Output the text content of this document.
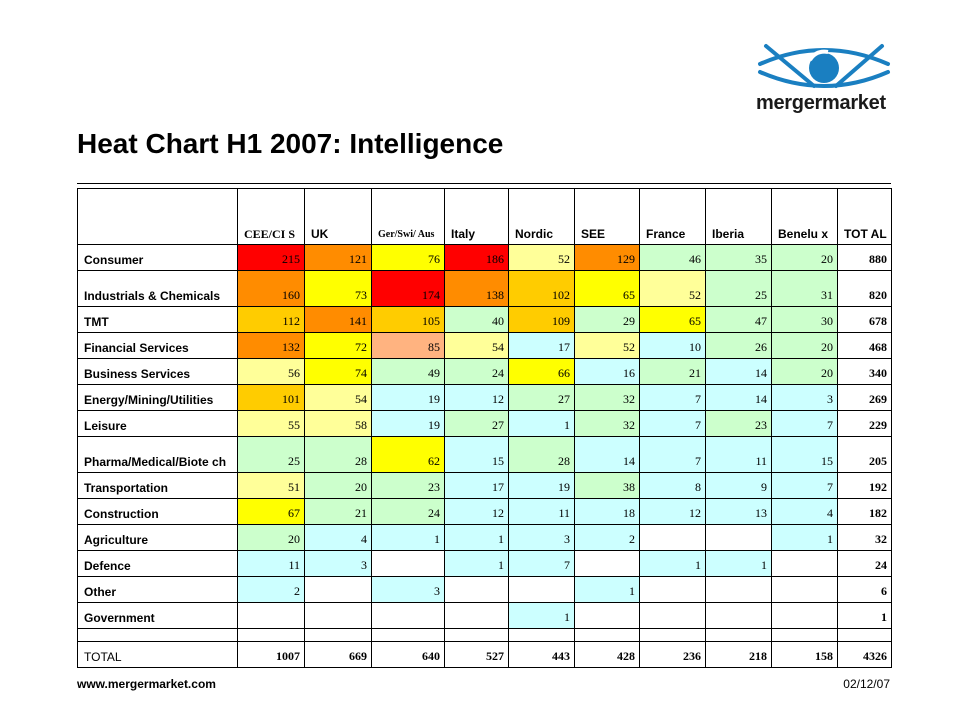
Heat Chart H1 2007: Intelligence
mergermarket
	CEE/CI S	UK	Ger/Swi/ Aus	Italy	Nordic	SEE	France	Iberia	Benelu x	TOT AL
Consumer	215	121	76	186	52	129	46	35	20	880
Industrials & Chemicals	160	73	174	138	102	65	52	25	31	820
TMT	112	141	105	40	109	29	65	47	30	678
Financial Services	132	72	85	54	17	52	10	26	20	468
Business Services	56	74	49	24	66	16	21	14	20	340
Energy/Mining/Utilities	101	54	19	12	27	32	7	14	3	269
Leisure	55	58	19	27	1	32	7	23	7	229
Pharma/Medical/Biote ch	25	28	62	15	28	14	7	11	15	205
Transportation	51	20	23	17	19	38	8	9	7	192
Construction	67	21	24	12	11	18	12	13	4	182
Agriculture	20	4	1	1	3	2			1	32
Defence	11	3		1	7		1	1		24
Other	2		3			1				6
Government					1					1

TOTAL	1007	669	640	527	443	428	236	218	158	4326
www.mergermarket.com	02/12/07
